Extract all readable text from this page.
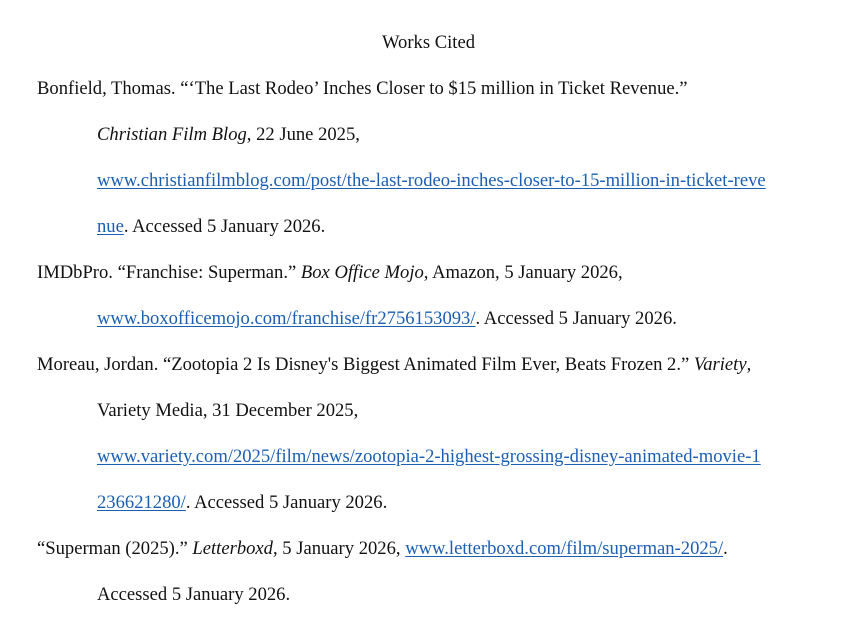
Works Cited
Bonfield, Thomas. “‘The Last Rodeo’ Inches Closer to $15 million in Ticket Revenue.”
Christian Film Blog, 22 June 2025,
www.christianfilmblog.com/post/the-last-rodeo-inches-closer-to-15-million-in-ticket-reve
nue. Accessed 5 January 2026.
IMDbPro. “Franchise: Superman.” Box Office Mojo, Amazon, 5 January 2026,
www.boxofficemojo.com/franchise/fr2756153093/. Accessed 5 January 2026.
Moreau, Jordan. “Zootopia 2 Is Disney's Biggest Animated Film Ever, Beats Frozen 2.” Variety,
Variety Media, 31 December 2025,
www.variety.com/2025/film/news/zootopia-2-highest-grossing-disney-animated-movie-1
236621280/. Accessed 5 January 2026.
“Superman (2025).” Letterboxd, 5 January 2026, www.letterboxd.com/film/superman-2025/.
Accessed 5 January 2026.
